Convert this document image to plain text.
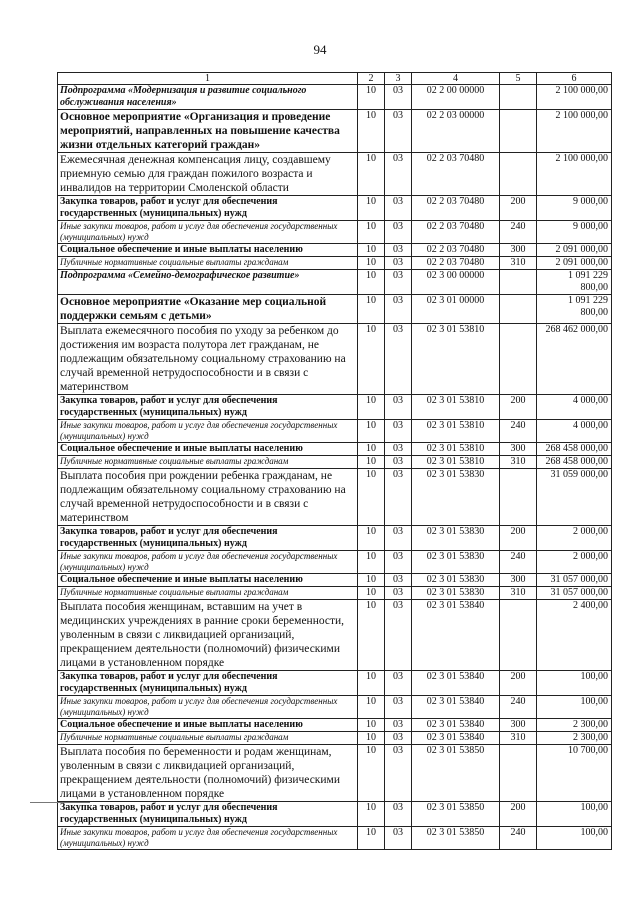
94
1	2	3	4	5	6
Подпрограмма «Модернизация и развитие социального обслуживания населения»	10	03	02 2 00 00000		2 100 000,00
Основное мероприятие «Организация и проведение мероприятий, направленных на повышение качества жизни отдельных категорий граждан»	10	03	02 2 03 00000		2 100 000,00
Ежемесячная денежная компенсация лицу, создавшему приемную семью для граждан пожилого возраста и инвалидов на территории Смоленской области	10	03	02 2 03 70480		2 100 000,00
Закупка товаров, работ и услуг для обеспечения государственных (муниципальных) нужд	10	03	02 2 03 70480	200	9 000,00
Иные закупки товаров, работ и услуг для обеспечения государственных (муниципальных) нужд	10	03	02 2 03 70480	240	9 000,00
Социальное обеспечение и иные выплаты населению	10	03	02 2 03 70480	300	2 091 000,00
Публичные нормативные социальные выплаты гражданам	10	03	02 2 03 70480	310	2 091 000,00
Подпрограмма «Семейно-демографическое развитие»	10	03	02 3 00 00000		1 091 229 800,00
Основное мероприятие «Оказание мер социальной поддержки семьям с детьми»	10	03	02 3 01 00000		1 091 229 800,00
Выплата ежемесячного пособия по уходу за ребенком до достижения им возраста полутора лет гражданам, не подлежащим обязательному социальному страхованию на случай временной нетрудоспособности и в связи с материнством	10	03	02 3 01 53810		268 462 000,00
Закупка товаров, работ и услуг для обеспечения государственных (муниципальных) нужд	10	03	02 3 01 53810	200	4 000,00
Иные закупки товаров, работ и услуг для обеспечения государственных (муниципальных) нужд	10	03	02 3 01 53810	240	4 000,00
Социальное обеспечение и иные выплаты населению	10	03	02 3 01 53810	300	268 458 000,00
Публичные нормативные социальные выплаты гражданам	10	03	02 3 01 53810	310	268 458 000,00
Выплата пособия при рождении ребенка гражданам, не подлежащим обязательному социальному страхованию на случай временной нетрудоспособности и в связи с материнством	10	03	02 3 01 53830		31 059 000,00
Закупка товаров, работ и услуг для обеспечения государственных (муниципальных) нужд	10	03	02 3 01 53830	200	2 000,00
Иные закупки товаров, работ и услуг для обеспечения государственных (муниципальных) нужд	10	03	02 3 01 53830	240	2 000,00
Социальное обеспечение и иные выплаты населению	10	03	02 3 01 53830	300	31 057 000,00
Публичные нормативные социальные выплаты гражданам	10	03	02 3 01 53830	310	31 057 000,00
Выплата пособия женщинам, вставшим на учет в медицинских учреждениях в ранние сроки беременности, уволенным в связи с ликвидацией организаций, прекращением деятельности (полномочий) физическими лицами в установленном порядке	10	03	02 3 01 53840		2 400,00
Закупка товаров, работ и услуг для обеспечения государственных (муниципальных) нужд	10	03	02 3 01 53840	200	100,00
Иные закупки товаров, работ и услуг для обеспечения государственных (муниципальных) нужд	10	03	02 3 01 53840	240	100,00
Социальное обеспечение и иные выплаты населению	10	03	02 3 01 53840	300	2 300,00
Публичные нормативные социальные выплаты гражданам	10	03	02 3 01 53840	310	2 300,00
Выплата пособия по беременности и родам женщинам, уволенным в связи с ликвидацией организаций, прекращением деятельности (полномочий) физическими лицами в установленном порядке	10	03	02 3 01 53850		10 700,00
Закупка товаров, работ и услуг для обеспечения государственных (муниципальных) нужд	10	03	02 3 01 53850	200	100,00
Иные закупки товаров, работ и услуг для обеспечения государственных (муниципальных) нужд	10	03	02 3 01 53850	240	100,00
